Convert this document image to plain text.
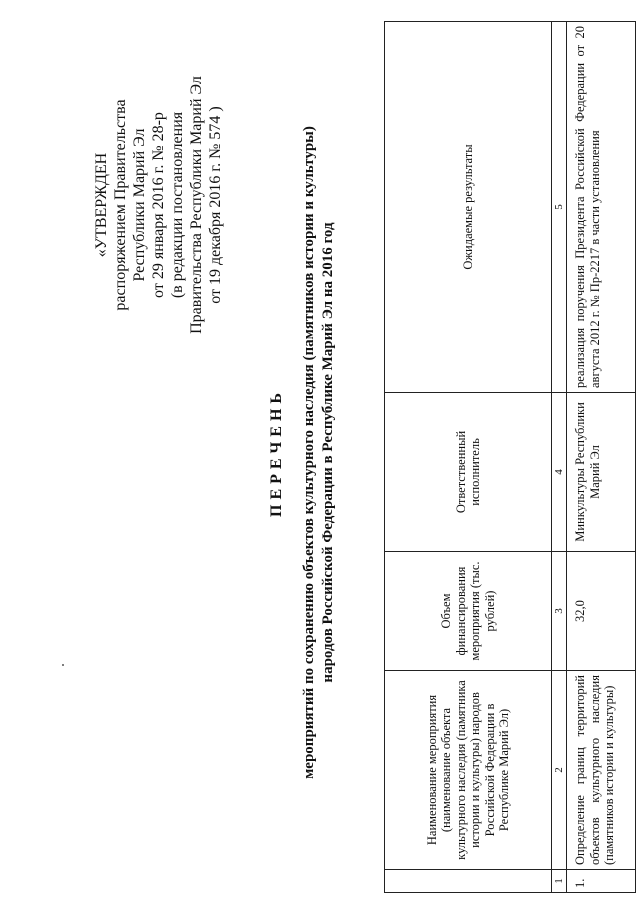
«УТВЕРЖДЕН распоряжением Правительства Республики Марий Эл от 29 января 2016 г. № 28-р (в редакции постановления Правительства Республики Марий Эл от 19 декабря 2016 г. № 574 )
ПЕРЕЧЕНЬ мероприятий по сохранению объектов культурного наследия (памятников истории и культуры) народов Российской Федерации в Республике Марий Эл на 2016 год
	Наименование мероприятия (наименование объекта культурного наследия (памятника истории и культуры) народов Российской Федерации в Республике Марий Эл)	Объем финансирования мероприятия (тыс. рублей)	Ответственный исполнитель	Ожидаемые результаты
1	2	3	4	5
1.	Определение границ территорий объектов культурного наследия (памятников истории и культуры)	32,0	Минкультуры Республики Марий Эл	реализация поручения Президента Российской Федерации от 20 августа 2012 г. № Пр-2217 в части установления
